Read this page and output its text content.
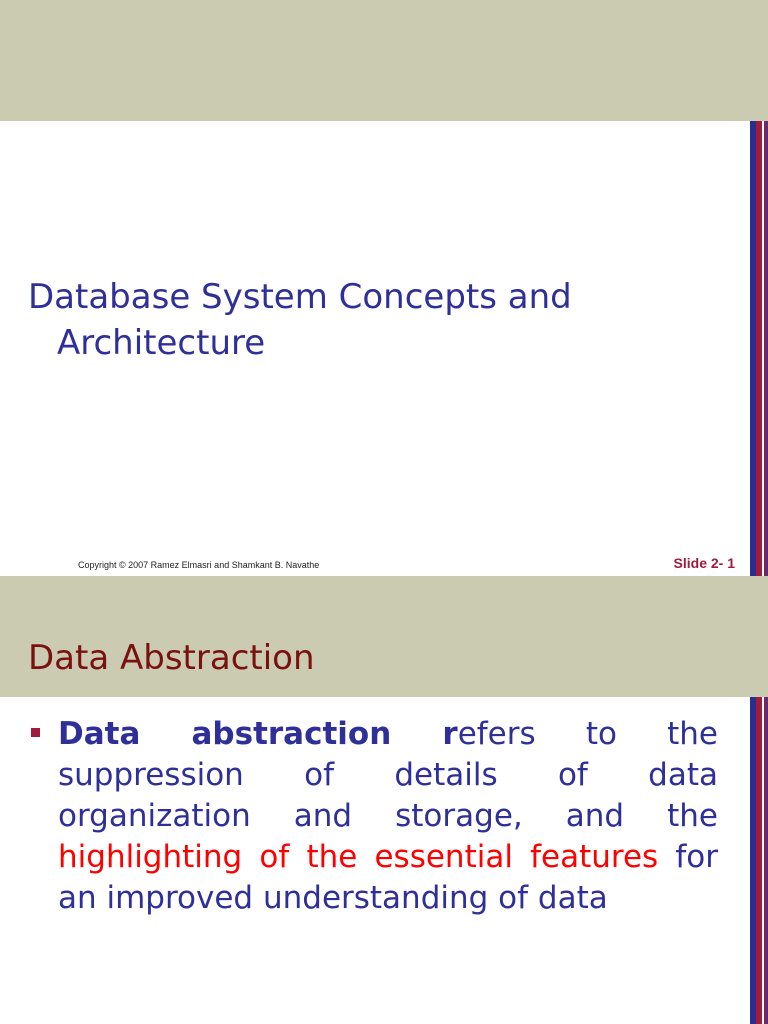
Database System Concepts and
Architecture
Copyright © 2007 Ramez Elmasri and Shamkant B. Navathe	Slide 2- 1
Data Abstraction
Data abstraction refers to the suppression of details of data organization and storage, and the highlighting of the essential features for an improved understanding of data
